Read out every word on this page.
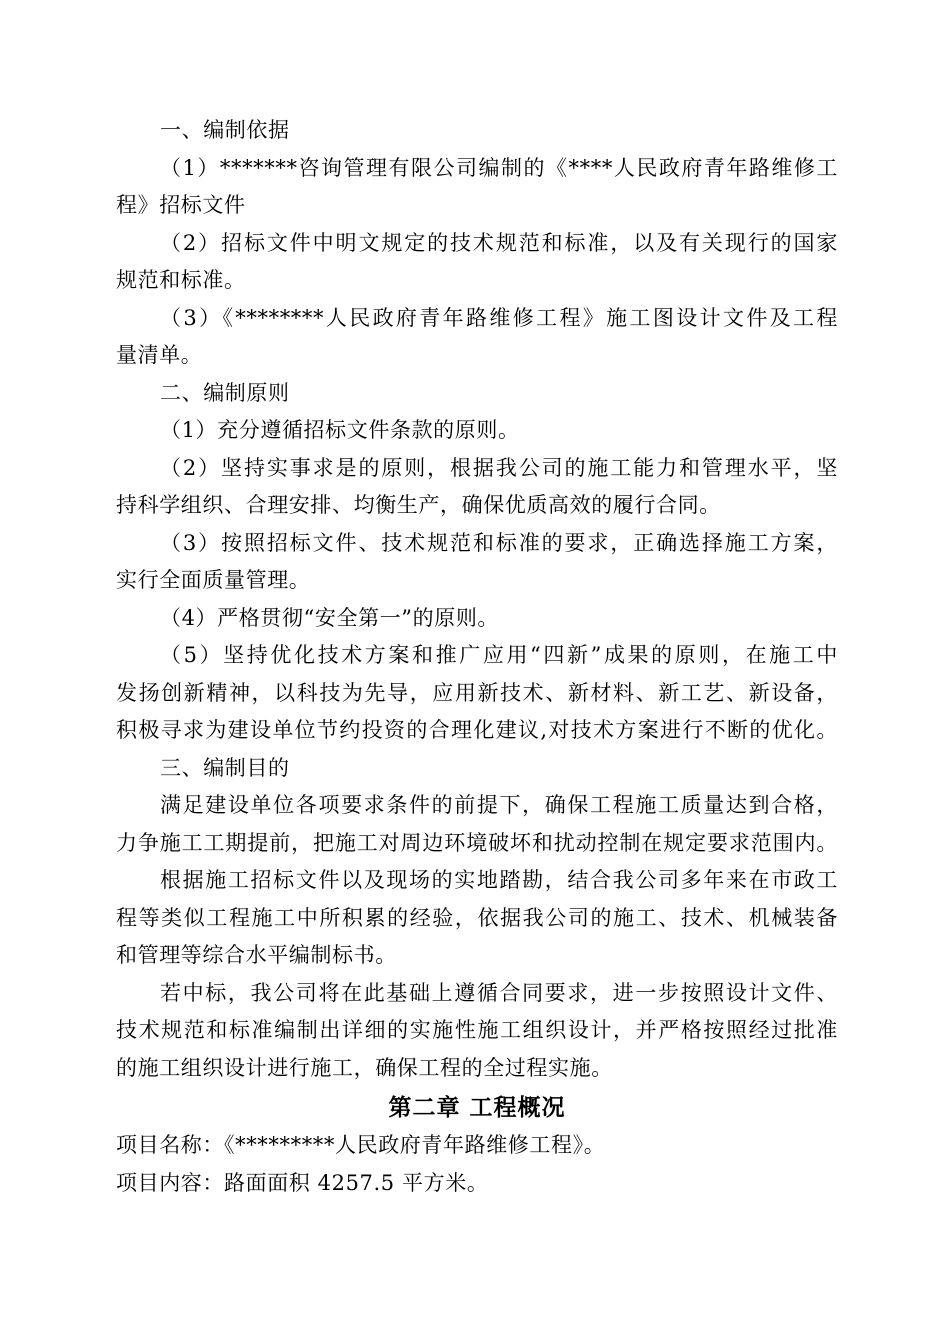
一、编制依据
（1）*******咨询管理有限公司编制的《****人民政府青年路维修工
程》招标文件
（2）招标文件中明文规定的技术规范和标准，以及有关现行的国家
规范和标准。
（3）《********人民政府青年路维修工程》施工图设计文件及工程
量清单。
二、编制原则
（1）充分遵循招标文件条款的原则。
（2）坚持实事求是的原则，根据我公司的施工能力和管理水平，坚
持科学组织、合理安排、均衡生产，确保优质高效的履行合同。
（3）按照招标文件、技术规范和标准的要求，正确选择施工方案，
实行全面质量管理。
（4）严格贯彻“安全第一”的原则。
（5）坚持优化技术方案和推广应用“四新”成果的原则，在施工中
发扬创新精神，以科技为先导，应用新技术、新材料、新工艺、新设备，
积极寻求为建设单位节约投资的合理化建议,对技术方案进行不断的优化。
三、编制目的
满足建设单位各项要求条件的前提下，确保工程施工质量达到合格，
力争施工工期提前，把施工对周边环境破坏和扰动控制在规定要求范围内。
根据施工招标文件以及现场的实地踏勘，结合我公司多年来在市政工
程等类似工程施工中所积累的经验，依据我公司的施工、技术、机械装备
和管理等综合水平编制标书。
若中标，我公司将在此基础上遵循合同要求，进一步按照设计文件、
技术规范和标准编制出详细的实施性施工组织设计，并严格按照经过批准
的施工组织设计进行施工，确保工程的全过程实施。
第二章 工程概况
项目名称：《*********人民政府青年路维修工程》。
项目内容：路面面积 4257.5 平方米。
